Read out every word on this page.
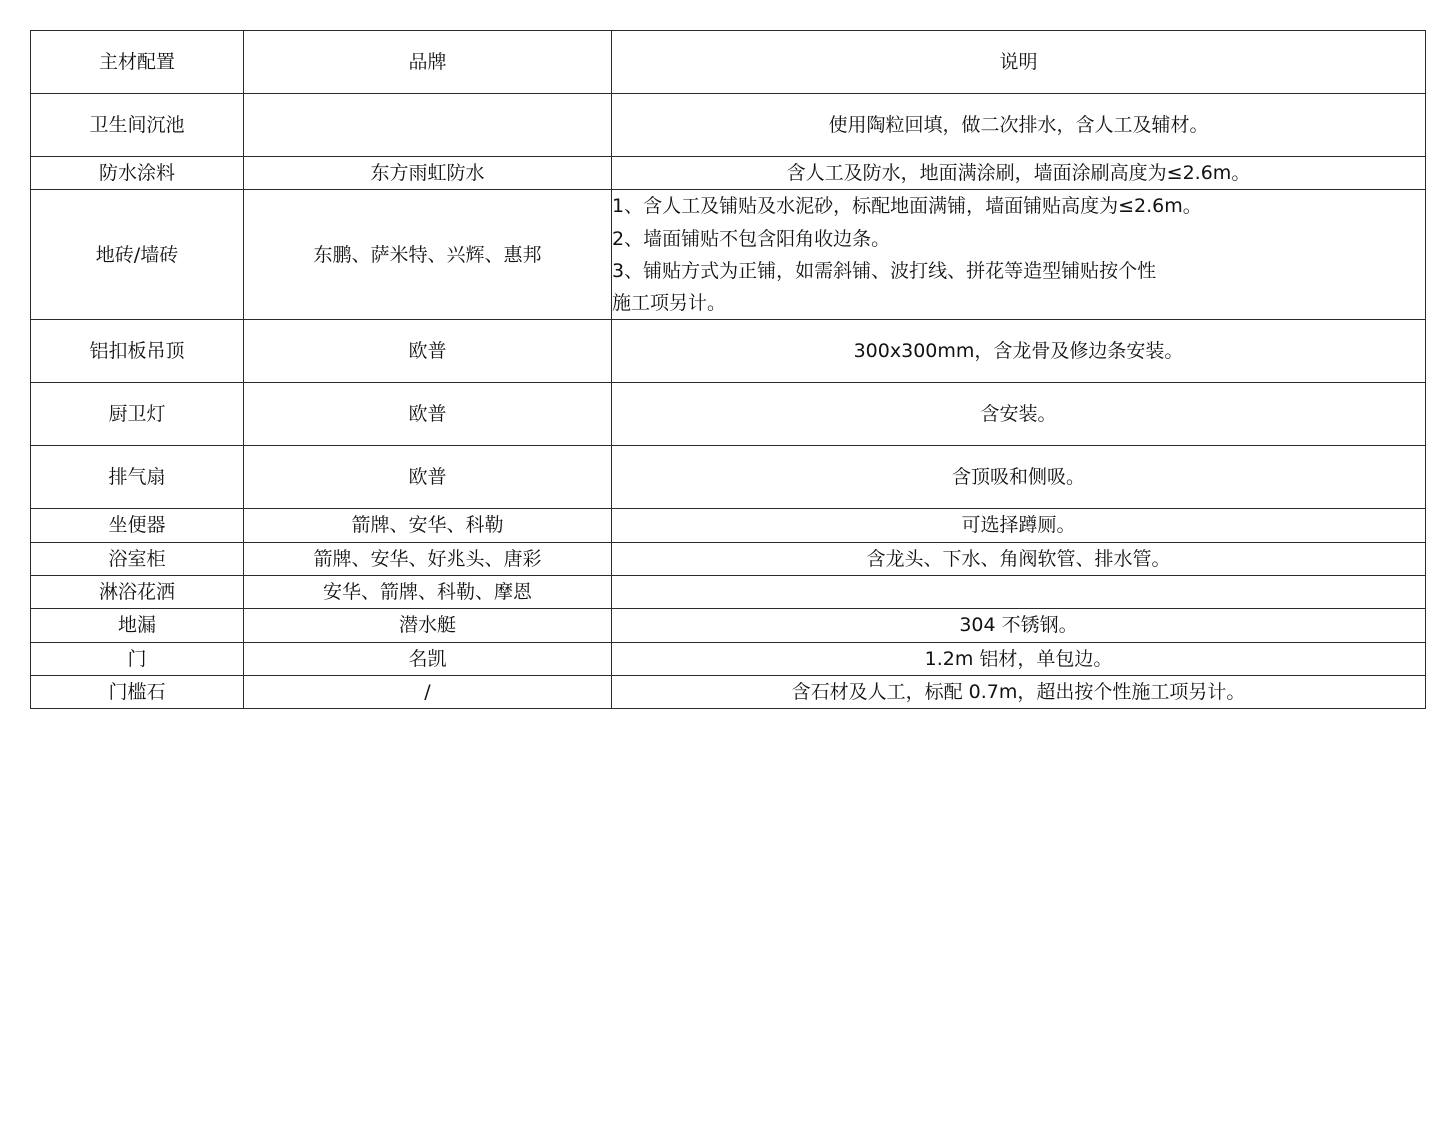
主材配置	品牌	说明
卫生间沉池		使用陶粒回填，做二次排水，含人工及辅材。
防水涂料	东方雨虹防水	含人工及防水，地面满涂刷，墙面涂刷高度为≤2.6m。
地砖/墙砖	东鹏、萨米特、兴辉、惠邦	1、含人工及铺贴及水泥砂，标配地面满铺，墙面铺贴高度为≤2.6m。
2、墙面铺贴不包含阳角收边条。
3、铺贴方式为正铺，如需斜铺、波打线、拼花等造型铺贴按个性
施工项另计。

铝扣板吊顶	欧普	300x300mm，含龙骨及修边条安装。
厨卫灯	欧普	含安装。
排气扇	欧普	含顶吸和侧吸。
坐便器	箭牌、安华、科勒	可选择蹲厕。
浴室柜	箭牌、安华、好兆头、唐彩	含龙头、下水、角阀软管、排水管。
淋浴花洒	安华、箭牌、科勒、摩恩	
地漏	潜水艇	304 不锈钢。
门	名凯	1.2m 铝材，单包边。
门槛石	/	含石材及人工，标配 0.7m，超出按个性施工项另计。
